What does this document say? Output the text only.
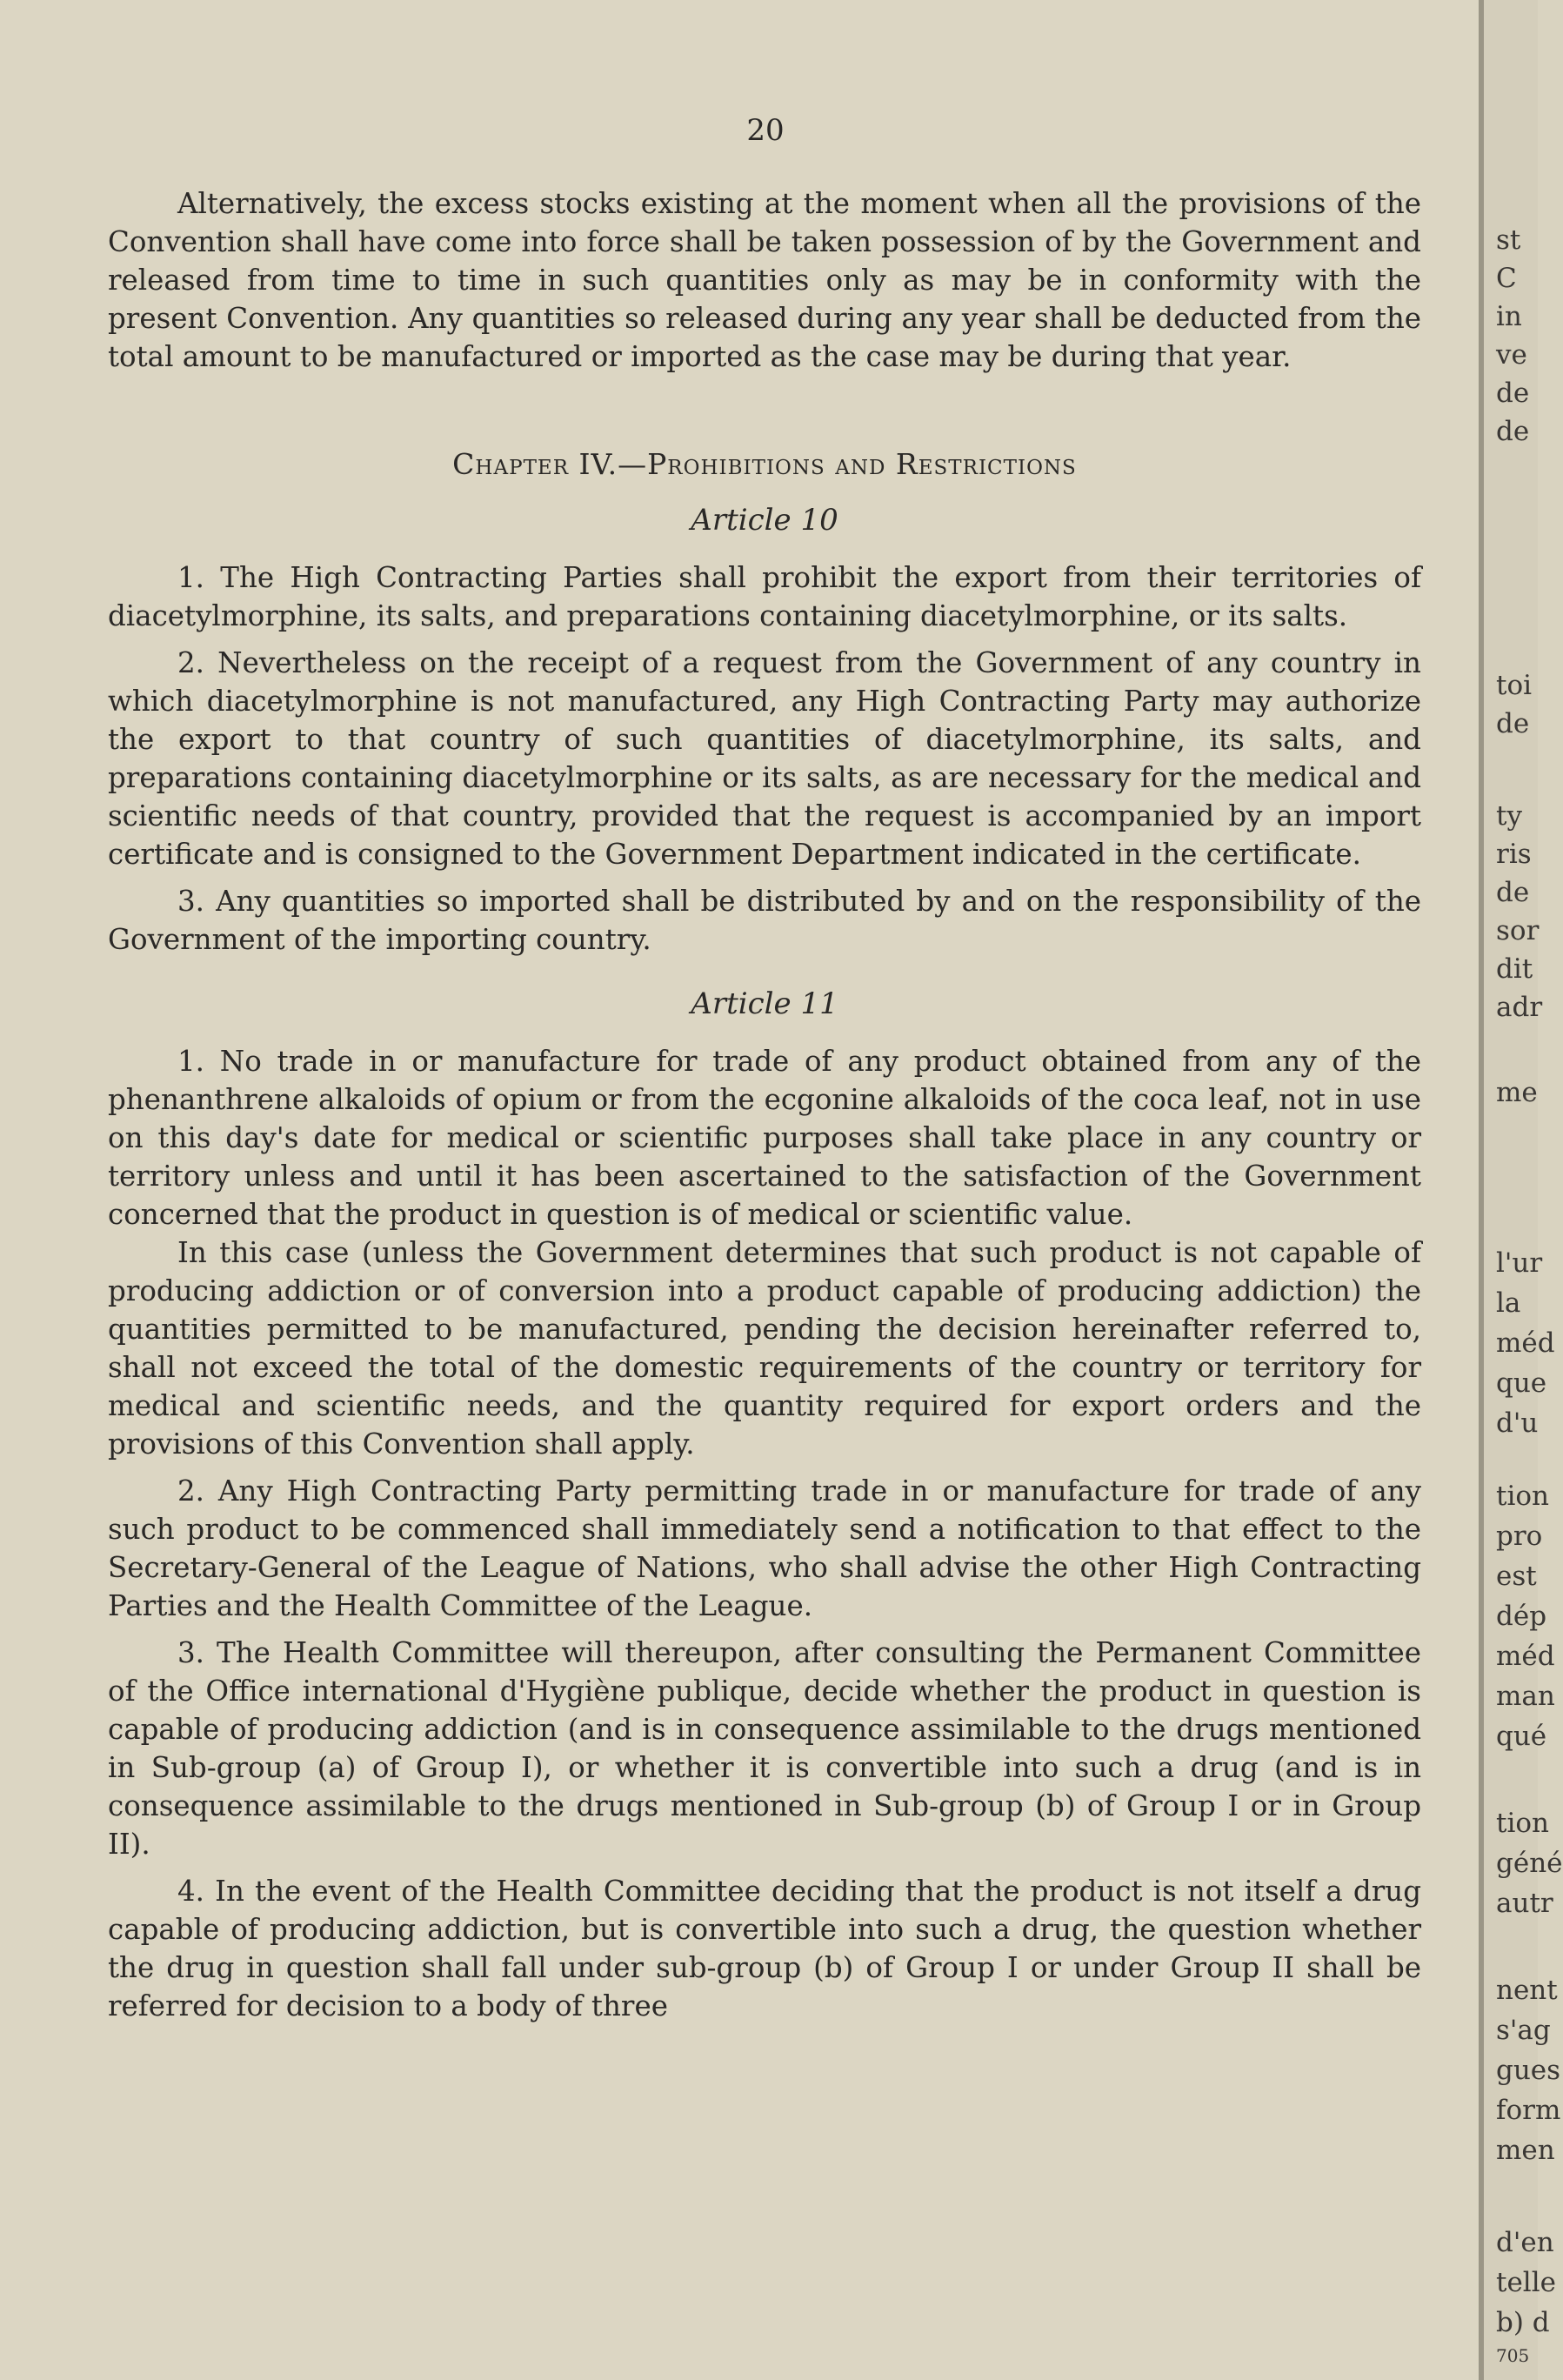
20

Alternatively, the excess stocks existing at the moment when all the provisions of the Convention shall have come into force shall be taken possession of by the Government and released from time to time in such quantities only as may be in conformity with the present Convention. Any quantities so released during any year shall be deducted from the total amount to be manufactured or imported as the case may be during that year.

Chapter IV.—Prohibitions and Restrictions

Article 10

1. The High Contracting Parties shall prohibit the export from their territories of diacetylmorphine, its salts, and preparations containing diacetylmorphine, or its salts.

2. Nevertheless on the receipt of a request from the Government of any country in which diacetylmorphine is not manufactured, any High Contracting Party may authorize the export to that country of such quantities of diacetylmorphine, its salts, and preparations containing diacetylmorphine or its salts, as are necessary for the medical and scientific needs of that country, provided that the request is accompanied by an import certificate and is consigned to the Government Department indicated in the certificate.

3. Any quantities so imported shall be distributed by and on the responsibility of the Government of the importing country.

Article 11

1. No trade in or manufacture for trade of any product obtained from any of the phenanthrene alkaloids of opium or from the ecgonine alkaloids of the coca leaf, not in use on this day's date for medical or scientific purposes shall take place in any country or territory unless and until it has been ascertained to the satisfaction of the Government concerned that the product in question is of medical or scientific value.

In this case (unless the Government determines that such product is not capable of producing addiction or of conversion into a product capable of producing addiction) the quantities permitted to be manufactured, pending the decision hereinafter referred to, shall not exceed the total of the domestic requirements of the country or territory for medical and scientific needs, and the quantity required for export orders and the provisions of this Convention shall apply.

2. Any High Contracting Party permitting trade in or manufacture for trade of any such product to be commenced shall immediately send a notification to that effect to the Secretary-General of the League of Nations, who shall advise the other High Contracting Parties and the Health Committee of the League.

3. The Health Committee will thereupon, after consulting the Permanent Committee of the Office international d'Hygiène publique, decide whether the product in question is capable of producing addiction (and is in consequence assimilable to the drugs mentioned in Sub-group (a) of Group I), or whether it is convertible into such a drug (and is in consequence assimilable to the drugs mentioned in Sub-group (b) of Group I or in Group II).

4. In the event of the Health Committee deciding that the product is not itself a drug capable of producing addiction, but is convertible into such a drug, the question whether the drug in question shall fall under sub-group (b) of Group I or under Group II shall be referred for decision to a body of three

st
C
in
ve
de
de
toi
de
ty
ris
de
sor
dit
adr
me
l'ur
la
méd
que
d'u
tion
pro
est
dép
méd
man
qué
tion
géné
autr
nent
s'ag
gues
form
men
d'en
telle
b) d
705
